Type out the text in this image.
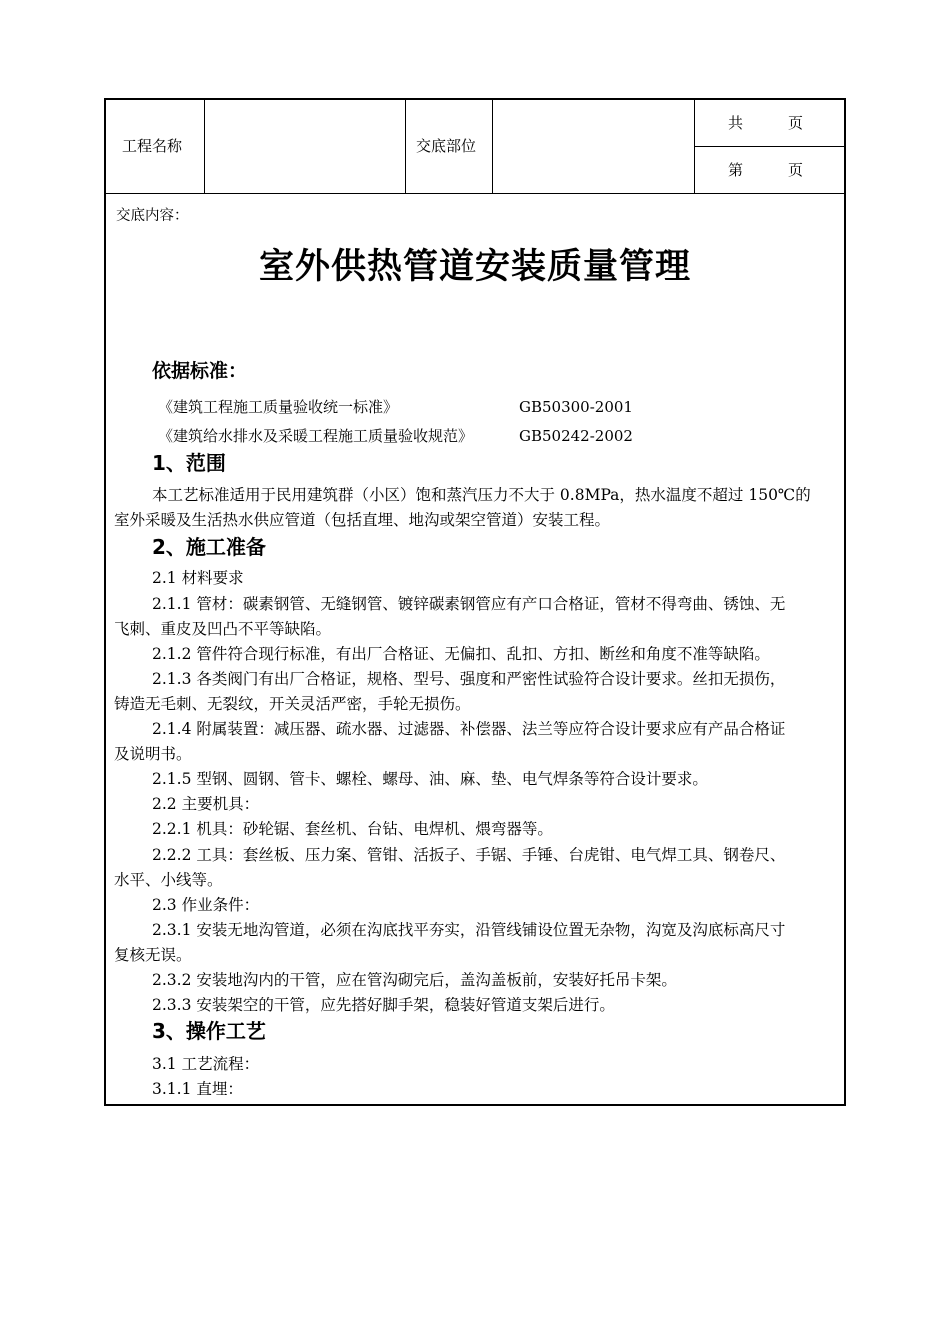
工程名称	交底部位
共　　　页
第　　　页
交底内容：
室外供热管道安装质量管理
依据标准：
《建筑工程施工质量验收统一标准》	GB50300-2001
《建筑给水排水及采暖工程施工质量验收规范》	GB50242-2002
1、范围
本工艺标准适用于民用建筑群（小区）饱和蒸汽压力不大于 0.8MPa，热水温度不超过 150℃的
室外采暖及生活热水供应管道（包括直埋、地沟或架空管道）安装工程。
2、施工准备
2.1 材料要求
2.1.1 管材：碳素钢管、无缝钢管、镀锌碳素钢管应有产口合格证，管材不得弯曲、锈蚀、无
飞刺、重皮及凹凸不平等缺陷。
2.1.2 管件符合现行标准，有出厂合格证、无偏扣、乱扣、方扣、断丝和角度不准等缺陷。
2.1.3 各类阀门有出厂合格证，规格、型号、强度和严密性试验符合设计要求。丝扣无损伤，
铸造无毛刺、无裂纹，开关灵活严密，手轮无损伤。
2.1.4 附属装置：减压器、疏水器、过滤器、补偿器、法兰等应符合设计要求应有产品合格证
及说明书。
2.1.5 型钢、圆钢、管卡、螺栓、螺母、油、麻、垫、电气焊条等符合设计要求。
2.2 主要机具：
2.2.1 机具：砂轮锯、套丝机、台钻、电焊机、煨弯器等。
2.2.2 工具：套丝板、压力案、管钳、活扳子、手锯、手锤、台虎钳、电气焊工具、钢卷尺、
水平、小线等。
2.3 作业条件：
2.3.1 安装无地沟管道，必须在沟底找平夯实，沿管线铺设位置无杂物，沟宽及沟底标高尺寸
复核无误。
2.3.2 安装地沟内的干管，应在管沟砌完后，盖沟盖板前，安装好托吊卡架。
2.3.3 安装架空的干管，应先搭好脚手架，稳装好管道支架后进行。
3、操作工艺
3.1 工艺流程：
3.1.1 直埋：
